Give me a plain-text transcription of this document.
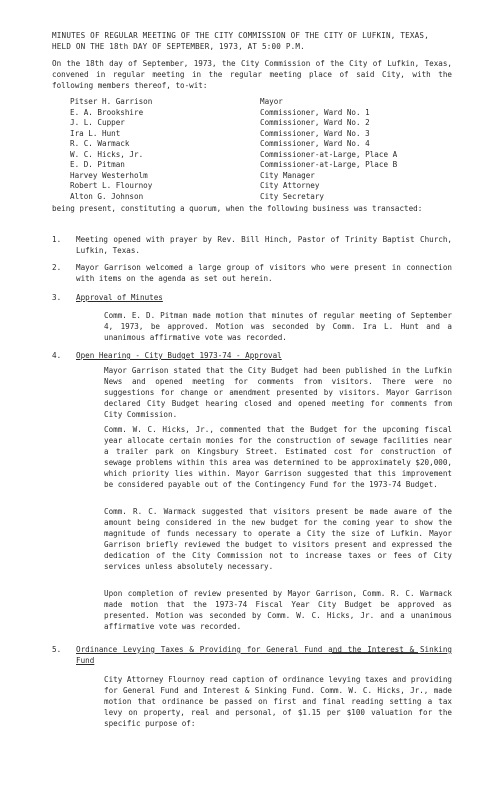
MINUTES OF REGULAR MEETING OF THE CITY COMMISSION OF THE CITY OF LUFKIN, TEXAS, HELD ON THE 18th DAY OF SEPTEMBER, 1973, AT 5:00 P.M.
On the 18th day of September, 1973, the City Commission of the City of Lufkin, Texas, convened in regular meeting in the regular meeting place of said City, with the following members thereof, to-wit:
Pitser H. Garrison	Mayor
E. A. Brookshire	Commissioner, Ward No. 1
J. L. Cupper	Commissioner, Ward No. 2
Ira L. Hunt	Commissioner, Ward No. 3
R. C. Warmack	Commissioner, Ward No. 4
W. C. Hicks, Jr.	Commissioner-at-Large, Place A
E. D. Pitman	Commissioner-at-Large, Place B
Harvey Westerholm	City Manager
Robert L. Flournoy	City Attorney
Alton G. Johnson	City Secretary
being present, constituting a quorum, when the following business was transacted:
1.	Meeting opened with prayer by Rev. Bill Hinch, Pastor of Trinity Baptist Church, Lufkin, Texas.
2.	Mayor Garrison welcomed a large group of visitors who were present in connection with items on the agenda as set out herein.
3.	Approval of Minutes
Comm. E. D. Pitman made motion that minutes of regular meeting of September 4, 1973, be approved. Motion was seconded by Comm. Ira L. Hunt and a unanimous affirmative vote was recorded.
4.	Open Hearing - City Budget 1973-74 - Approval
Mayor Garrison stated that the City Budget had been published in the Lufkin News and opened meeting for comments from visitors. There were no suggestions for change or amendment presented by visitors. Mayor Garrison declared City Budget hearing closed and opened meeting for comments from City Commission.
Comm. W. C. Hicks, Jr., commented that the Budget for the upcoming fiscal year allocate certain monies for the construction of sewage facilities near a trailer park on Kingsbury Street. Estimated cost for construction of sewage problems within this area was determined to be approximately $20,000, which priority lies within. Mayor Garrison suggested that this improvement be considered payable out of the Contingency Fund for the 1973-74 Budget.
Comm. R. C. Warmack suggested that visitors present be made aware of the amount being considered in the new budget for the coming year to show the magnitude of funds necessary to operate a City the size of Lufkin. Mayor Garrison briefly reviewed the budget to visitors present and expressed the dedication of the City Commission not to increase taxes or fees of City services unless absolutely necessary.
Upon completion of review presented by Mayor Garrison, Comm. R. C. Warmack made motion that the 1973-74 Fiscal Year City Budget be approved as presented. Motion was seconded by Comm. W. C. Hicks, Jr. and a unanimous affirmative vote was recorded.
5.	Ordinance Levying Taxes & Providing for General Fund and the Interest & Sinking Fund
City Attorney Flournoy read caption of ordinance levying taxes and providing for General Fund and Interest & Sinking Fund. Comm. W. C. Hicks, Jr., made motion that ordinance be passed on first and final reading setting a tax levy on property, real and personal, of $1.15 per $100 valuation for the specific purpose of:
